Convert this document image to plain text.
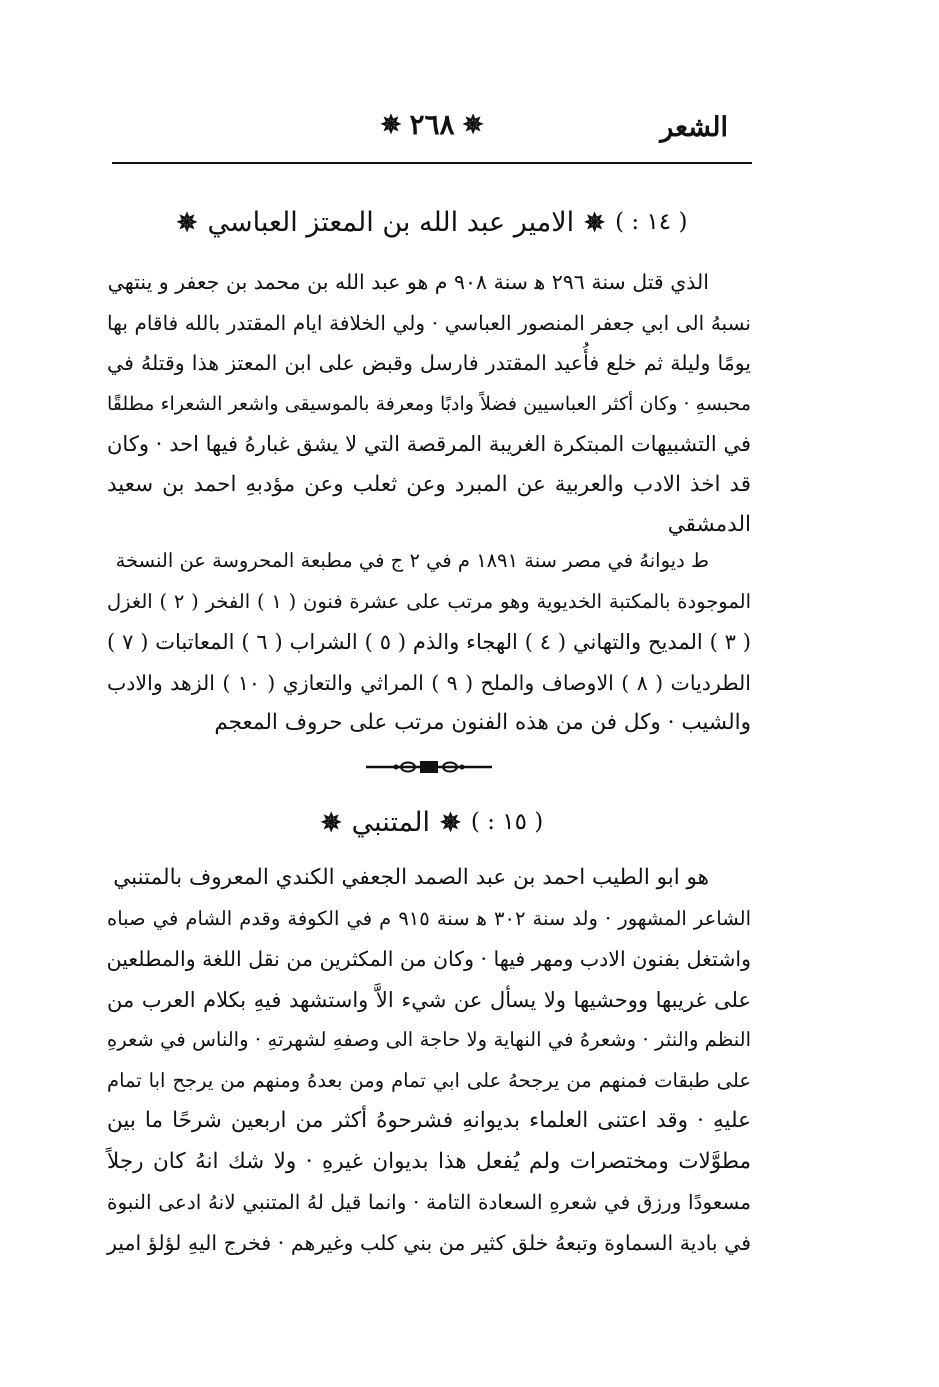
الشعر
✵
٢٦٨
✵
( ١٤ : )
✵
الامير عبد الله بن المعتز العباسي
✵
الذي قتل سنة ٢٩٦ ﻫ سنة ٩٠٨ م هو عبد الله بن محمد بن جعفر و ينتهي
نسبهُ الى ابي جعفر المنصور العباسي · ولي الخلافة ايام المقتدر بالله فاقام بها
يومًا وليلة ثم خلع فأُعيد المقتدر فارسل وقبض على ابن المعتز هذا وقتلهُ في
محبسهِ · وكان أكثر العباسيين فضلاً وادبًا ومعرفة بالموسيقى واشعر الشعراء مطلقًا
في التشبيهات المبتكرة الغريبة المرقصة التي لا يشق غبارهُ فيها احد · وكان
قد اخذ الادب والعربية عن المبرد وعن ثعلب وعن مؤدبهِ احمد بن سعيد
الدمشقي
ط ديوانهُ في مصر سنة ١٨٩١ م في ٢ ج في مطبعة المحروسة عن النسخة
الموجودة بالمكتبة الخديوية وهو مرتب على عشرة فنون ( ١ ) الفخر ( ٢ ) الغزل
( ٣ ) المديح والتهاني ( ٤ ) الهجاء والذم ( ٥ ) الشراب ( ٦ ) المعاتبات ( ٧ )
الطرديات ( ٨ ) الاوصاف والملح ( ٩ ) المراثي والتعازي ( ١٠ ) الزهد والادب
والشيب · وكل فن من هذه الفنون مرتب على حروف المعجم
( ١٥ : )
✵
المتنبي
✵
هو ابو الطيب احمد بن عبد الصمد الجعفي الكندي المعروف بالمتنبي
الشاعر المشهور · ولد سنة ٣٠٢ ﻫ سنة ٩١٥ م في الكوفة وقدم الشام في صباه
واشتغل بفنون الادب ومهر فيها · وكان من المكثرين من نقل اللغة والمطلعين
على غريبها ووحشيها ولا يسأل عن شيء الاَّ واستشهد فيهِ بكلام العرب من
النظم والنثر · وشعرهُ في النهاية ولا حاجة الى وصفهِ لشهرتهِ · والناس في شعرهِ
على طبقات فمنهم من يرجحهُ على ابي تمام ومن بعدهُ ومنهم من يرجح ابا تمام
عليهِ · وقد اعتنى العلماء بديوانهِ فشرحوهُ أكثر من اربعين شرحًا ما بين
مطوَّلات ومختصرات ولم يُفعل هذا بديوان غيرهِ · ولا شك انهُ كان رجلاً
مسعودًا ورزق في شعرهِ السعادة التامة · وانما قيل لهُ المتنبي لانهُ ادعى النبوة
في بادية السماوة وتبعهُ خلق كثير من بني كلب وغيرهم · فخرج اليهِ لؤلؤ امير
